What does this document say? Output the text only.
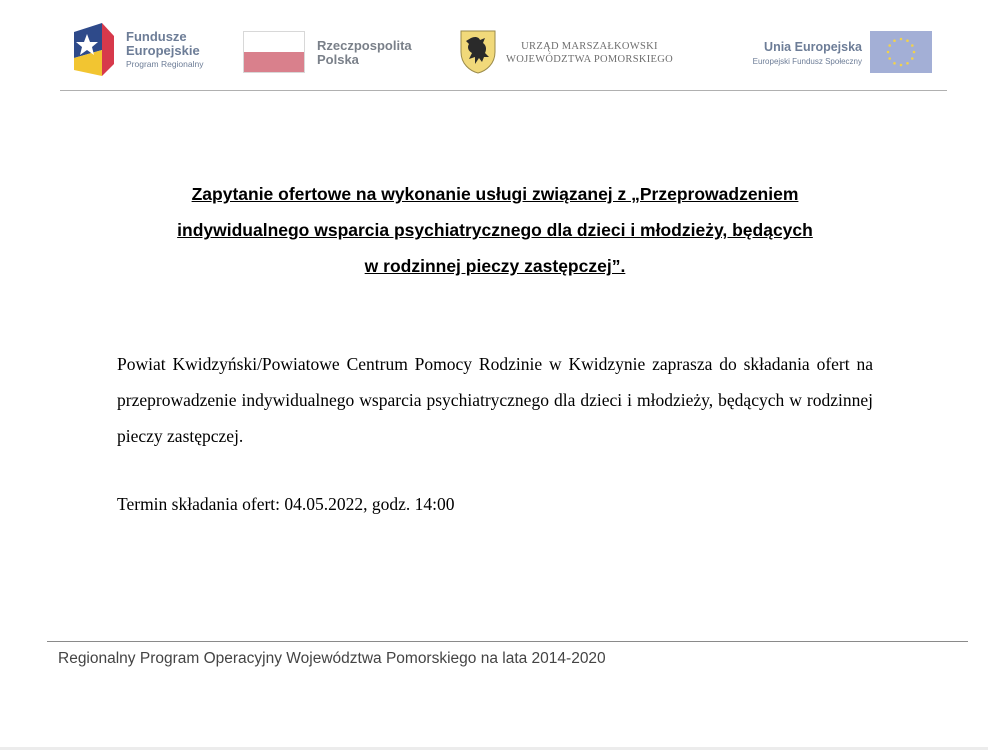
Fundusze
Europejskie
Program Regionalny
Rzeczpospolita
Polska
URZĄD MARSZAŁKOWSKI
WOJEWÓDZTWA POMORSKIEGO
Unia Europejska
Europejski Fundusz Społeczny
Zapytanie ofertowe na wykonanie usługi związanej z „Przeprowadzeniem
indywidualnego wsparcia psychiatrycznego dla dzieci i młodzieży, będących
w rodzinnej pieczy zastępczej”.
Powiat Kwidzyński/Powiatowe Centrum Pomocy Rodzinie w Kwidzynie zaprasza do składania ofert na przeprowadzenie indywidualnego wsparcia psychiatrycznego dla dzieci i młodzieży, będących w rodzinnej pieczy zastępczej.
Termin składania ofert: 04.05.2022, godz. 14:00
Regionalny Program Operacyjny Województwa Pomorskiego na lata 2014-2020
